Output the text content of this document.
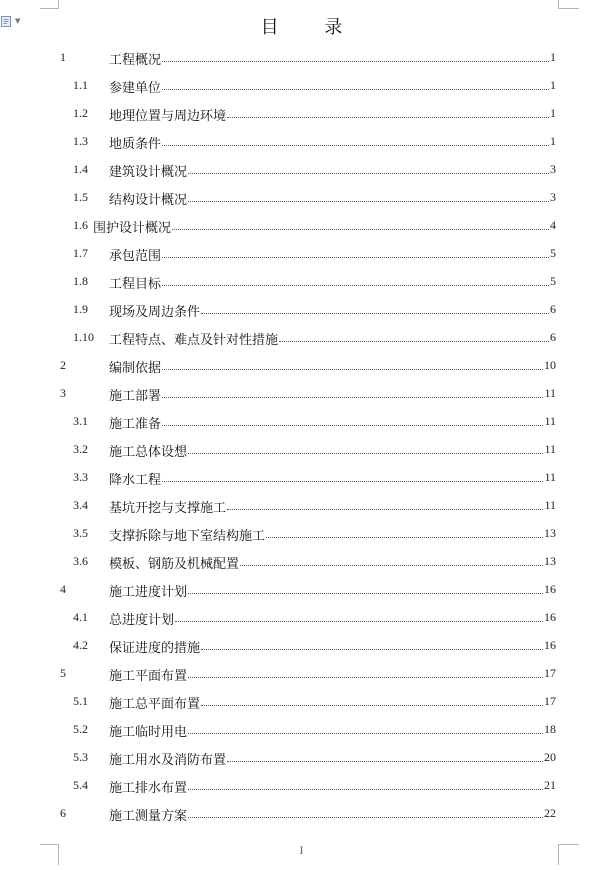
▼	目 录
1	工程概况	1
1.1 参建单位	1
1.2 地理位置与周边环境	1
1.3 地质条件	1
1.4 建筑设计概况	3
1.5 结构设计概况	3
1.6 围护设计概况	4
1.7 承包范围	5
1.8 工程目标	5
1.9 现场及周边条件	6
1.10 工程特点、难点及针对性措施	6
2	编制依据	10
3	施工部署	11
3.1 施工准备	11
3.2 施工总体设想	11
3.3 降水工程	11
3.4 基坑开挖与支撑施工	11
3.5 支撑拆除与地下室结构施工	13
3.6 模板、钢筋及机械配置	13
4	施工进度计划	16
4.1 总进度计划	16
4.2 保证进度的措施	16
5	施工平面布置	17
5.1 施工总平面布置	17
5.2 施工临时用电	18
5.3 施工用水及消防布置	20
5.4 施工排水布置	21
6	施工测量方案	22
I
